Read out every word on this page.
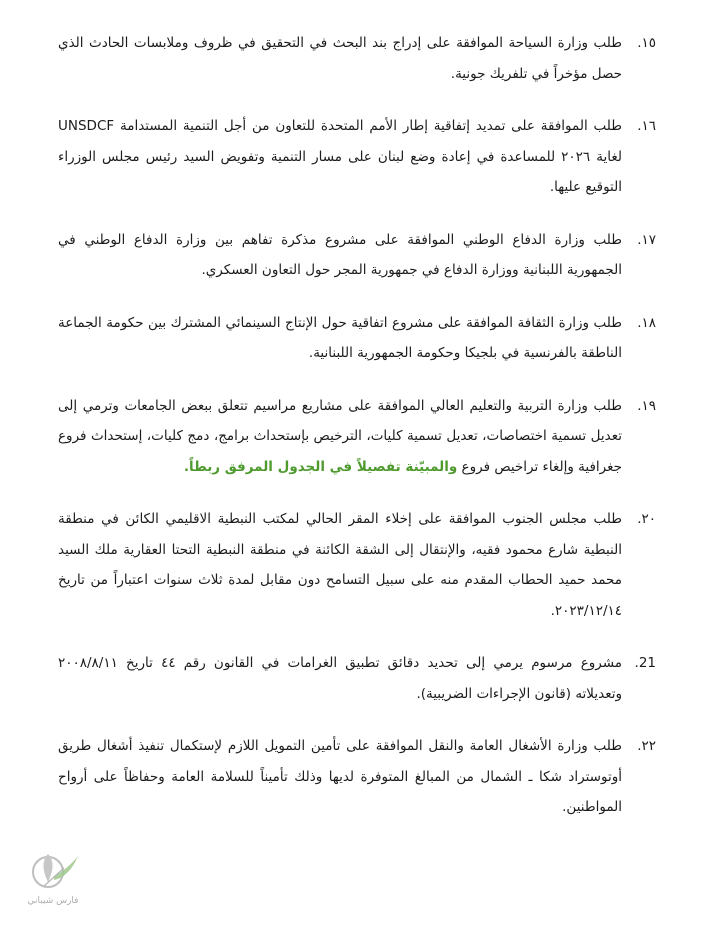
١٥.
طلب وزارة السياحة الموافقة على إدراج بند البحث في التحقيق في ظروف وملابسات الحادث الذي حصل مؤخراً في تلفريك جونية.
١٦.
طلب الموافقة على تمديد إتفاقية إطار الأمم المتحدة للتعاون من أجل التنمية المستدامة UNSDCF لغاية ٢٠٢٦ للمساعدة في إعادة وضع لبنان على مسار التنمية وتفويض السيد رئيس مجلس الوزراء التوقيع عليها.
١٧.
طلب وزارة الدفاع الوطني الموافقة على مشروع مذكرة تفاهم بين وزارة الدفاع الوطني في الجمهورية اللبنانية ووزارة الدفاع في جمهورية المجر حول التعاون العسكري.
١٨.
طلب وزارة الثقافة الموافقة على مشروع اتفاقية حول الإنتاج السينمائي المشترك بين حكومة الجماعة الناطقة بالفرنسية في بلجيكا وحكومة الجمهورية اللبنانية.
١٩.
طلب وزارة التربية والتعليم العالي الموافقة على مشاريع مراسيم تتعلق ببعض الجامعات وترمي إلى تعديل تسمية اختصاصات، تعديل تسمية كليات، الترخيص بإستحداث برامج، دمج كليات، إستحداث فروع جغرافية وإلغاء تراخيص فروع والمبيّنة تفصيلاً في الجدول المرفق ربطاً.
٢٠.
طلب مجلس الجنوب الموافقة على إخلاء المقر الحالي لمكتب النبطية الاقليمي الكائن في منطقة النبطية شارع محمود فقيه، والإنتقال إلى الشقة الكائنة في منطقة النبطية التحتا العقارية ملك السيد محمد حميد الحطاب المقدم منه على سبيل التسامح دون مقابل لمدة ثلاث سنوات اعتباراً من تاريخ ٢٠٢٣/١٢/١٤.
21.
مشروع مرسوم يرمي إلى تحديد دقائق تطبيق الغرامات في القانون رقم ٤٤ تاريخ ٢٠٠٨/٨/١١ وتعديلاته (قانون الإجراءات الضريبية).
٢٢.
طلب وزارة الأشغال العامة والنقل الموافقة على تأمين التمويل اللازم لإستكمال تنفيذ أشغال طريق أوتوستراد شكا ـ الشمال من المبالغ المتوفرة لديها وذلك تأميناً للسلامة العامة وحفاظاً على أرواح المواطنين.
فارس شيباني
